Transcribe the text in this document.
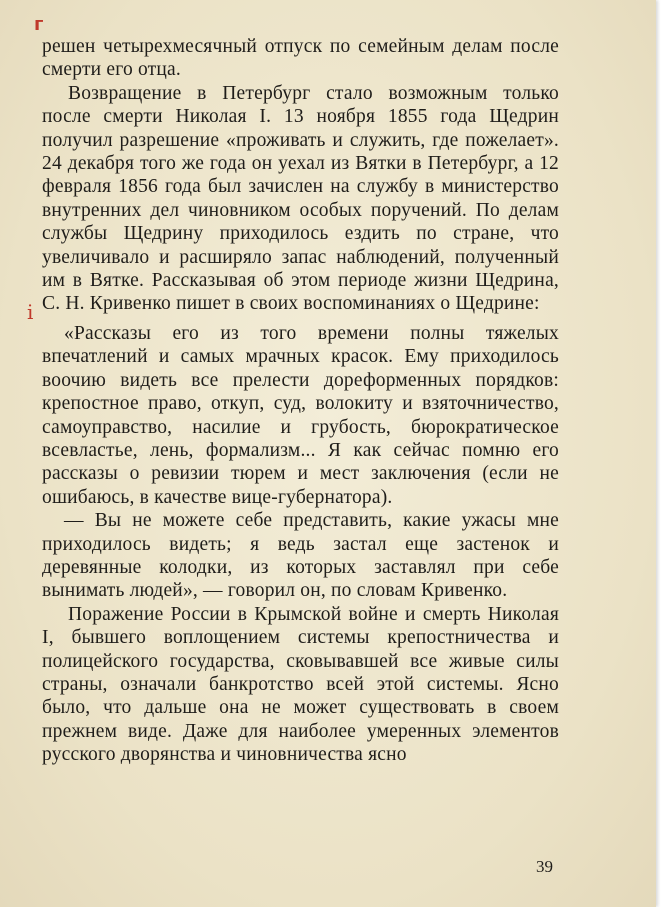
г
i

решен четырехмесячный отпуск по семейным делам после смерти его отца.

Возвращение в Петербург стало возможным только после смерти Николая I. 13 ноября 1855 года Щедрин получил разрешение «проживать и служить, где пожелает». 24 декабря того же года он уехал из Вятки в Петербург, а 12 февраля 1856 года был зачислен на службу в министерство внутренних дел чиновником особых поручений. По делам службы Щедрину приходилось ездить по стране, что увеличивало и расширяло запас наблюдений, полученный им в Вятке. Рассказывая об этом периоде жизни Щедрина, С. Н. Кривенко пишет в своих воспоминаниях о Щедрине:

«Рассказы его из того времени полны тяжелых впечатлений и самых мрачных красок. Ему приходилось воочию видеть все прелести дореформенных порядков: крепостное право, откуп, суд, волокиту и взяточничество, самоуправство, насилие и грубость, бюрократическое всевластье, лень, формализм... Я как сейчас помню его рассказы о ревизии тюрем и мест заключения (если не ошибаюсь, в качестве вице-губернатора).

— Вы не можете себе представить, какие ужасы мне приходилось видеть; я ведь застал еще застенок и деревянные колодки, из которых заставлял при себе вынимать людей», — говорил он, по словам Кривенко.

Поражение России в Крымской войне и смерть Николая I, бывшего воплощением системы крепостничества и полицейского государства, сковывавшей все живые силы страны, означали банкротство всей этой системы. Ясно было, что дальше она не может существовать в своем прежнем виде. Даже для наиболее умеренных элементов русского дворянства и чиновничества ясно

39
